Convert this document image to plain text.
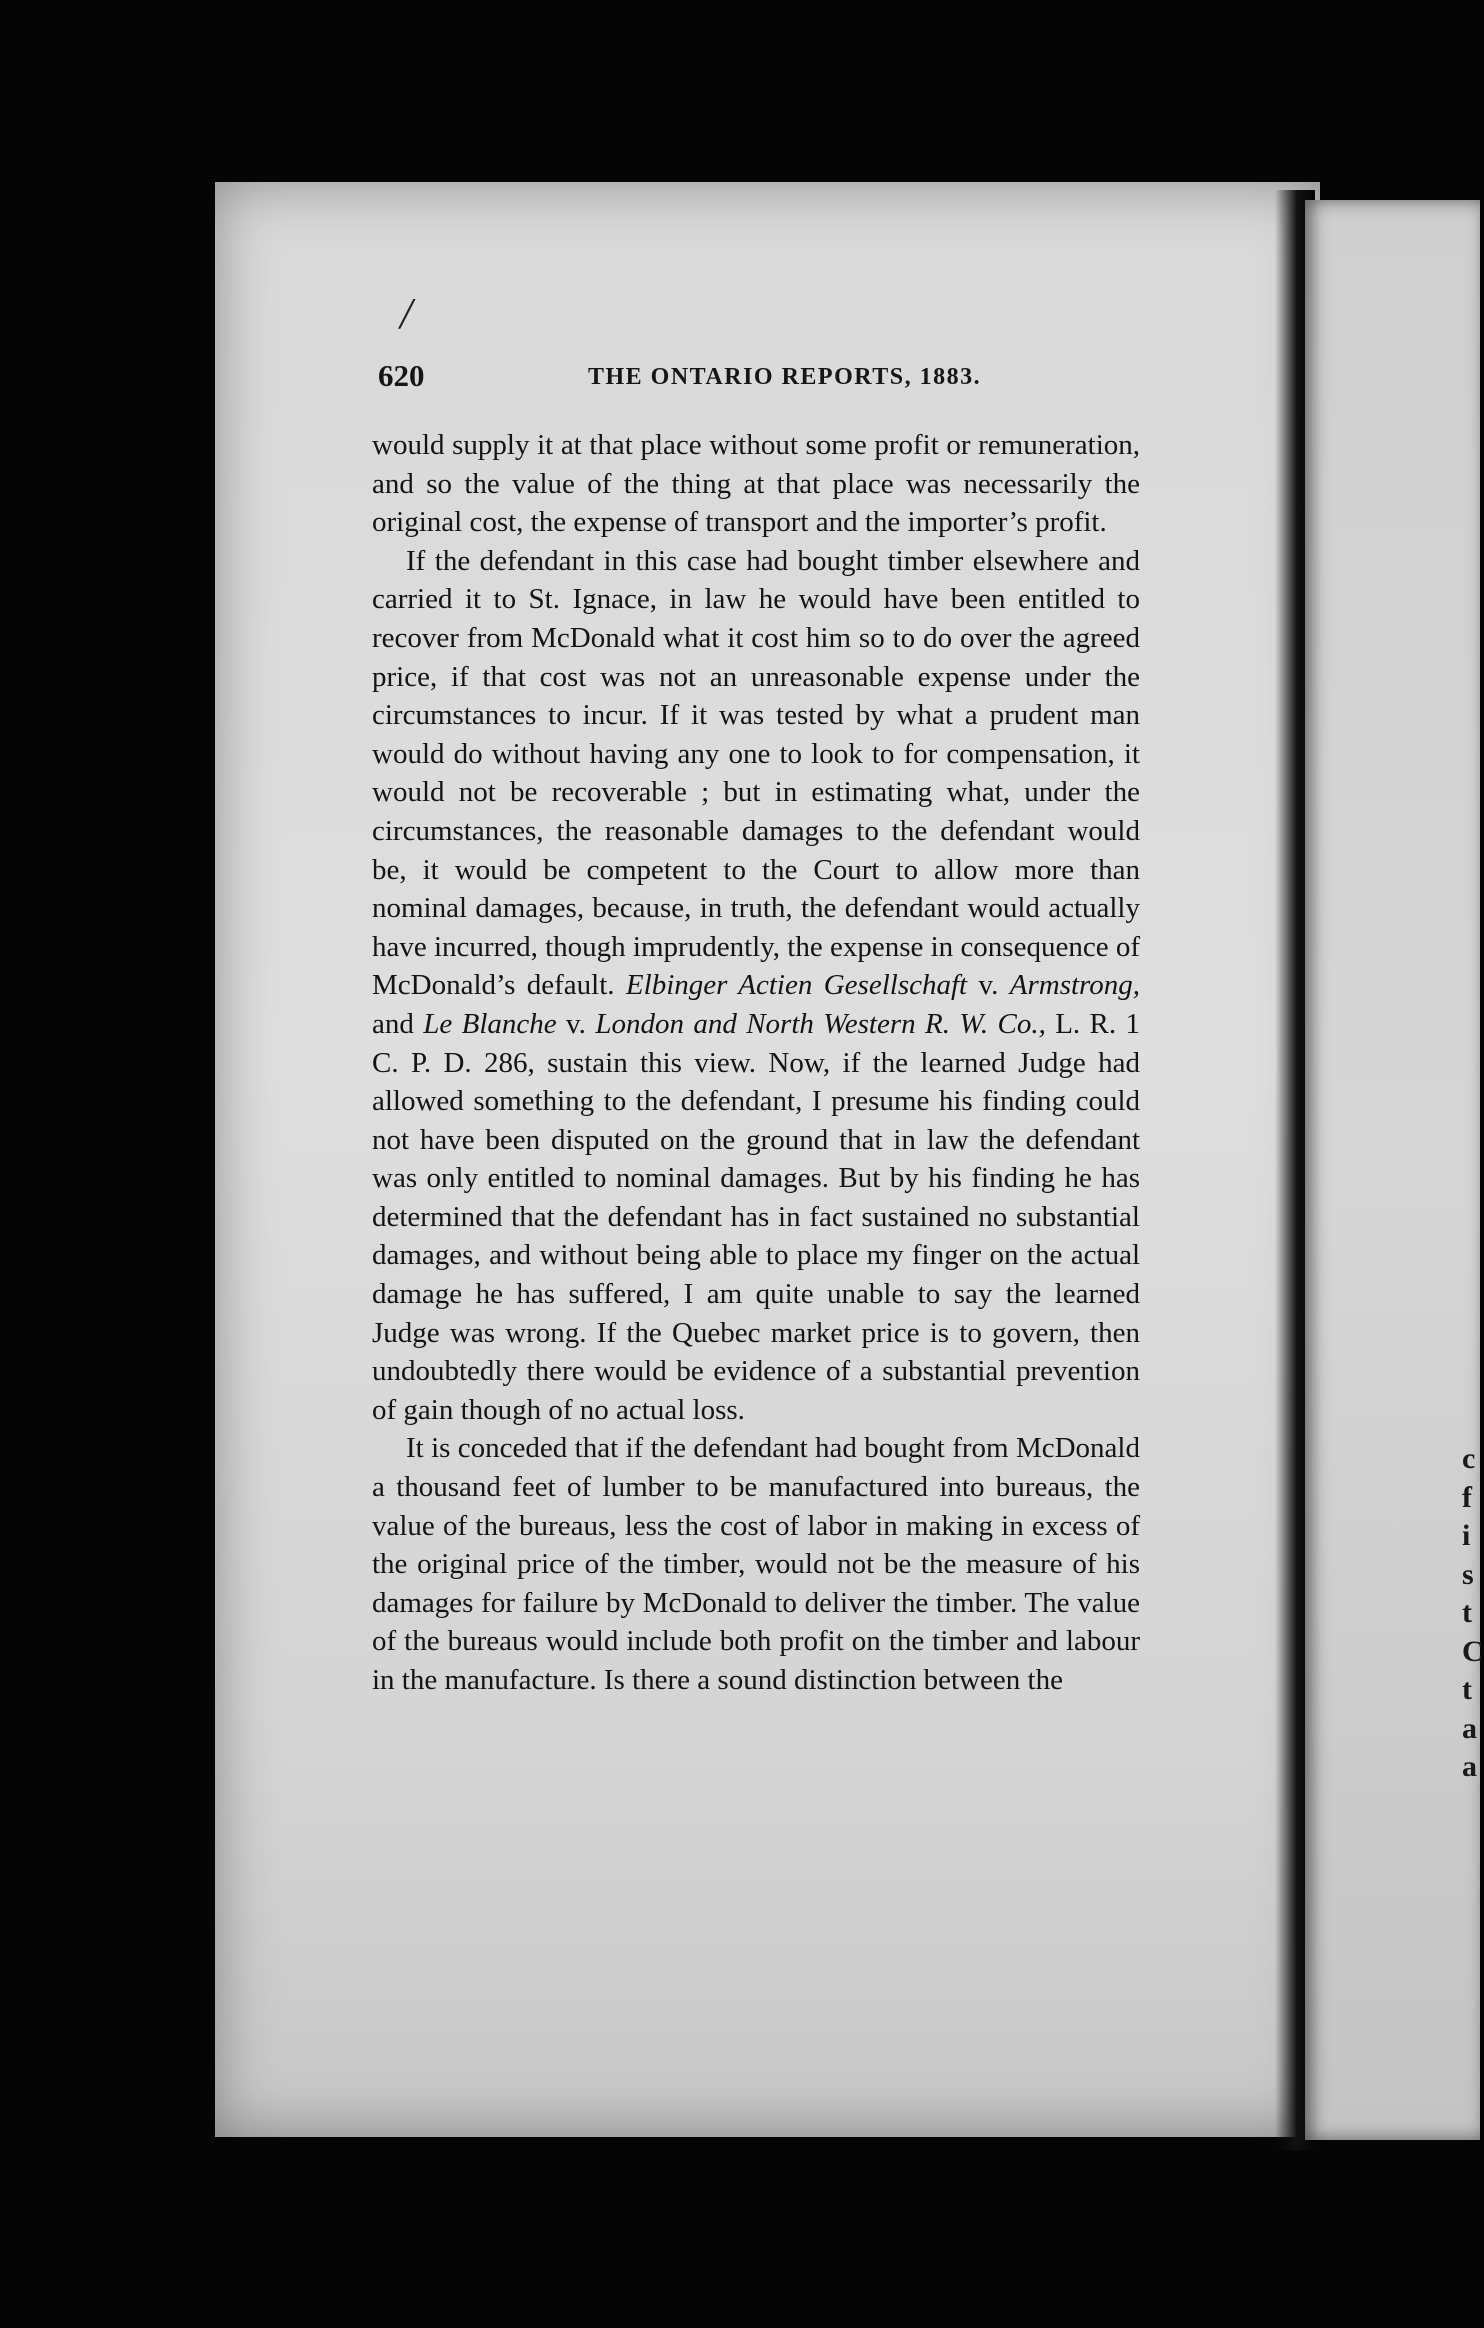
/
620	THE ONTARIO REPORTS, 1883.

would supply it at that place without some profit or remuneration, and so the value of the thing at that place was necessarily the original cost, the expense of transport and the importer’s profit.

If the defendant in this case had bought timber elsewhere and carried it to St. Ignace, in law he would have been entitled to recover from McDonald what it cost him so to do over the agreed price, if that cost was not an unreasonable expense under the circumstances to incur. If it was tested by what a prudent man would do without having any one to look to for compensation, it would not be recoverable ; but in estimating what, under the circumstances, the reasonable damages to the defendant would be, it would be competent to the Court to allow more than nominal damages, because, in truth, the defendant would actually have incurred, though imprudently, the expense in consequence of McDonald’s default. Elbinger Actien Gesellschaft v. Armstrong, and Le Blanche v. London and North Western R. W. Co., L. R. 1 C. P. D. 286, sustain this view. Now, if the learned Judge had allowed something to the defendant, I presume his finding could not have been disputed on the ground that in law the defendant was only entitled to nominal damages. But by his finding he has determined that the defendant has in fact sustained no substantial damages, and without being able to place my finger on the actual damage he has suffered, I am quite unable to say the learned Judge was wrong. If the Quebec market price is to govern, then undoubtedly there would be evidence of a substantial prevention of gain though of no actual loss.

It is conceded that if the defendant had bought from McDonald a thousand feet of lumber to be manufactured into bureaus, the value of the bureaus, less the cost of labor in making in excess of the original price of the timber, would not be the measure of his damages for failure by McDonald to deliver the timber. The value of the bureaus would include both profit on the timber and labour in the manufacture. Is there a sound distinction between the

c
f
i
s
t
C
t
a
a
